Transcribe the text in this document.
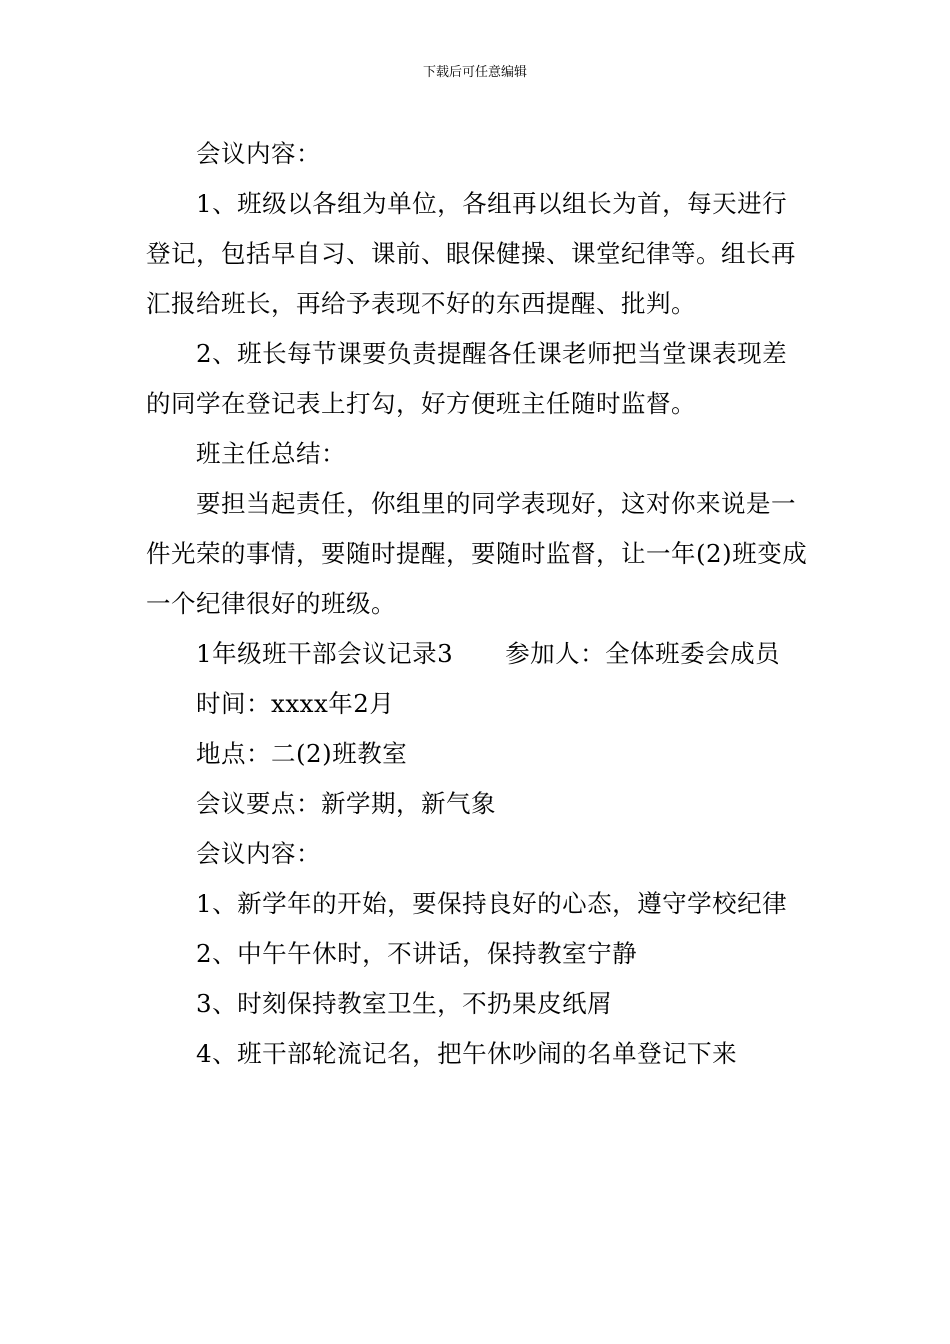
下载后可任意编辑

会议内容：

1、班级以各组为单位，各组再以组长为首，每天进行登记，包括早自习、课前、眼保健操、课堂纪律等。组长再汇报给班长，再给予表现不好的东西提醒、批判。

2、班长每节课要负责提醒各任课老师把当堂课表现差的同学在登记表上打勾，好方便班主任随时监督。

班主任总结：

要担当起责任，你组里的同学表现好，这对你来说是一件光荣的事情，要随时提醒，要随时监督，让一年(2)班变成一个纪律很好的班级。

1年级班干部会议记录3 参加人：全体班委会成员

时间：xxxx年2月

地点：二(2)班教室

会议要点：新学期，新气象

会议内容：

1、新学年的开始，要保持良好的心态，遵守学校纪律

2、中午午休时，不讲话，保持教室宁静

3、时刻保持教室卫生，不扔果皮纸屑

4、班干部轮流记名，把午休吵闹的名单登记下来
